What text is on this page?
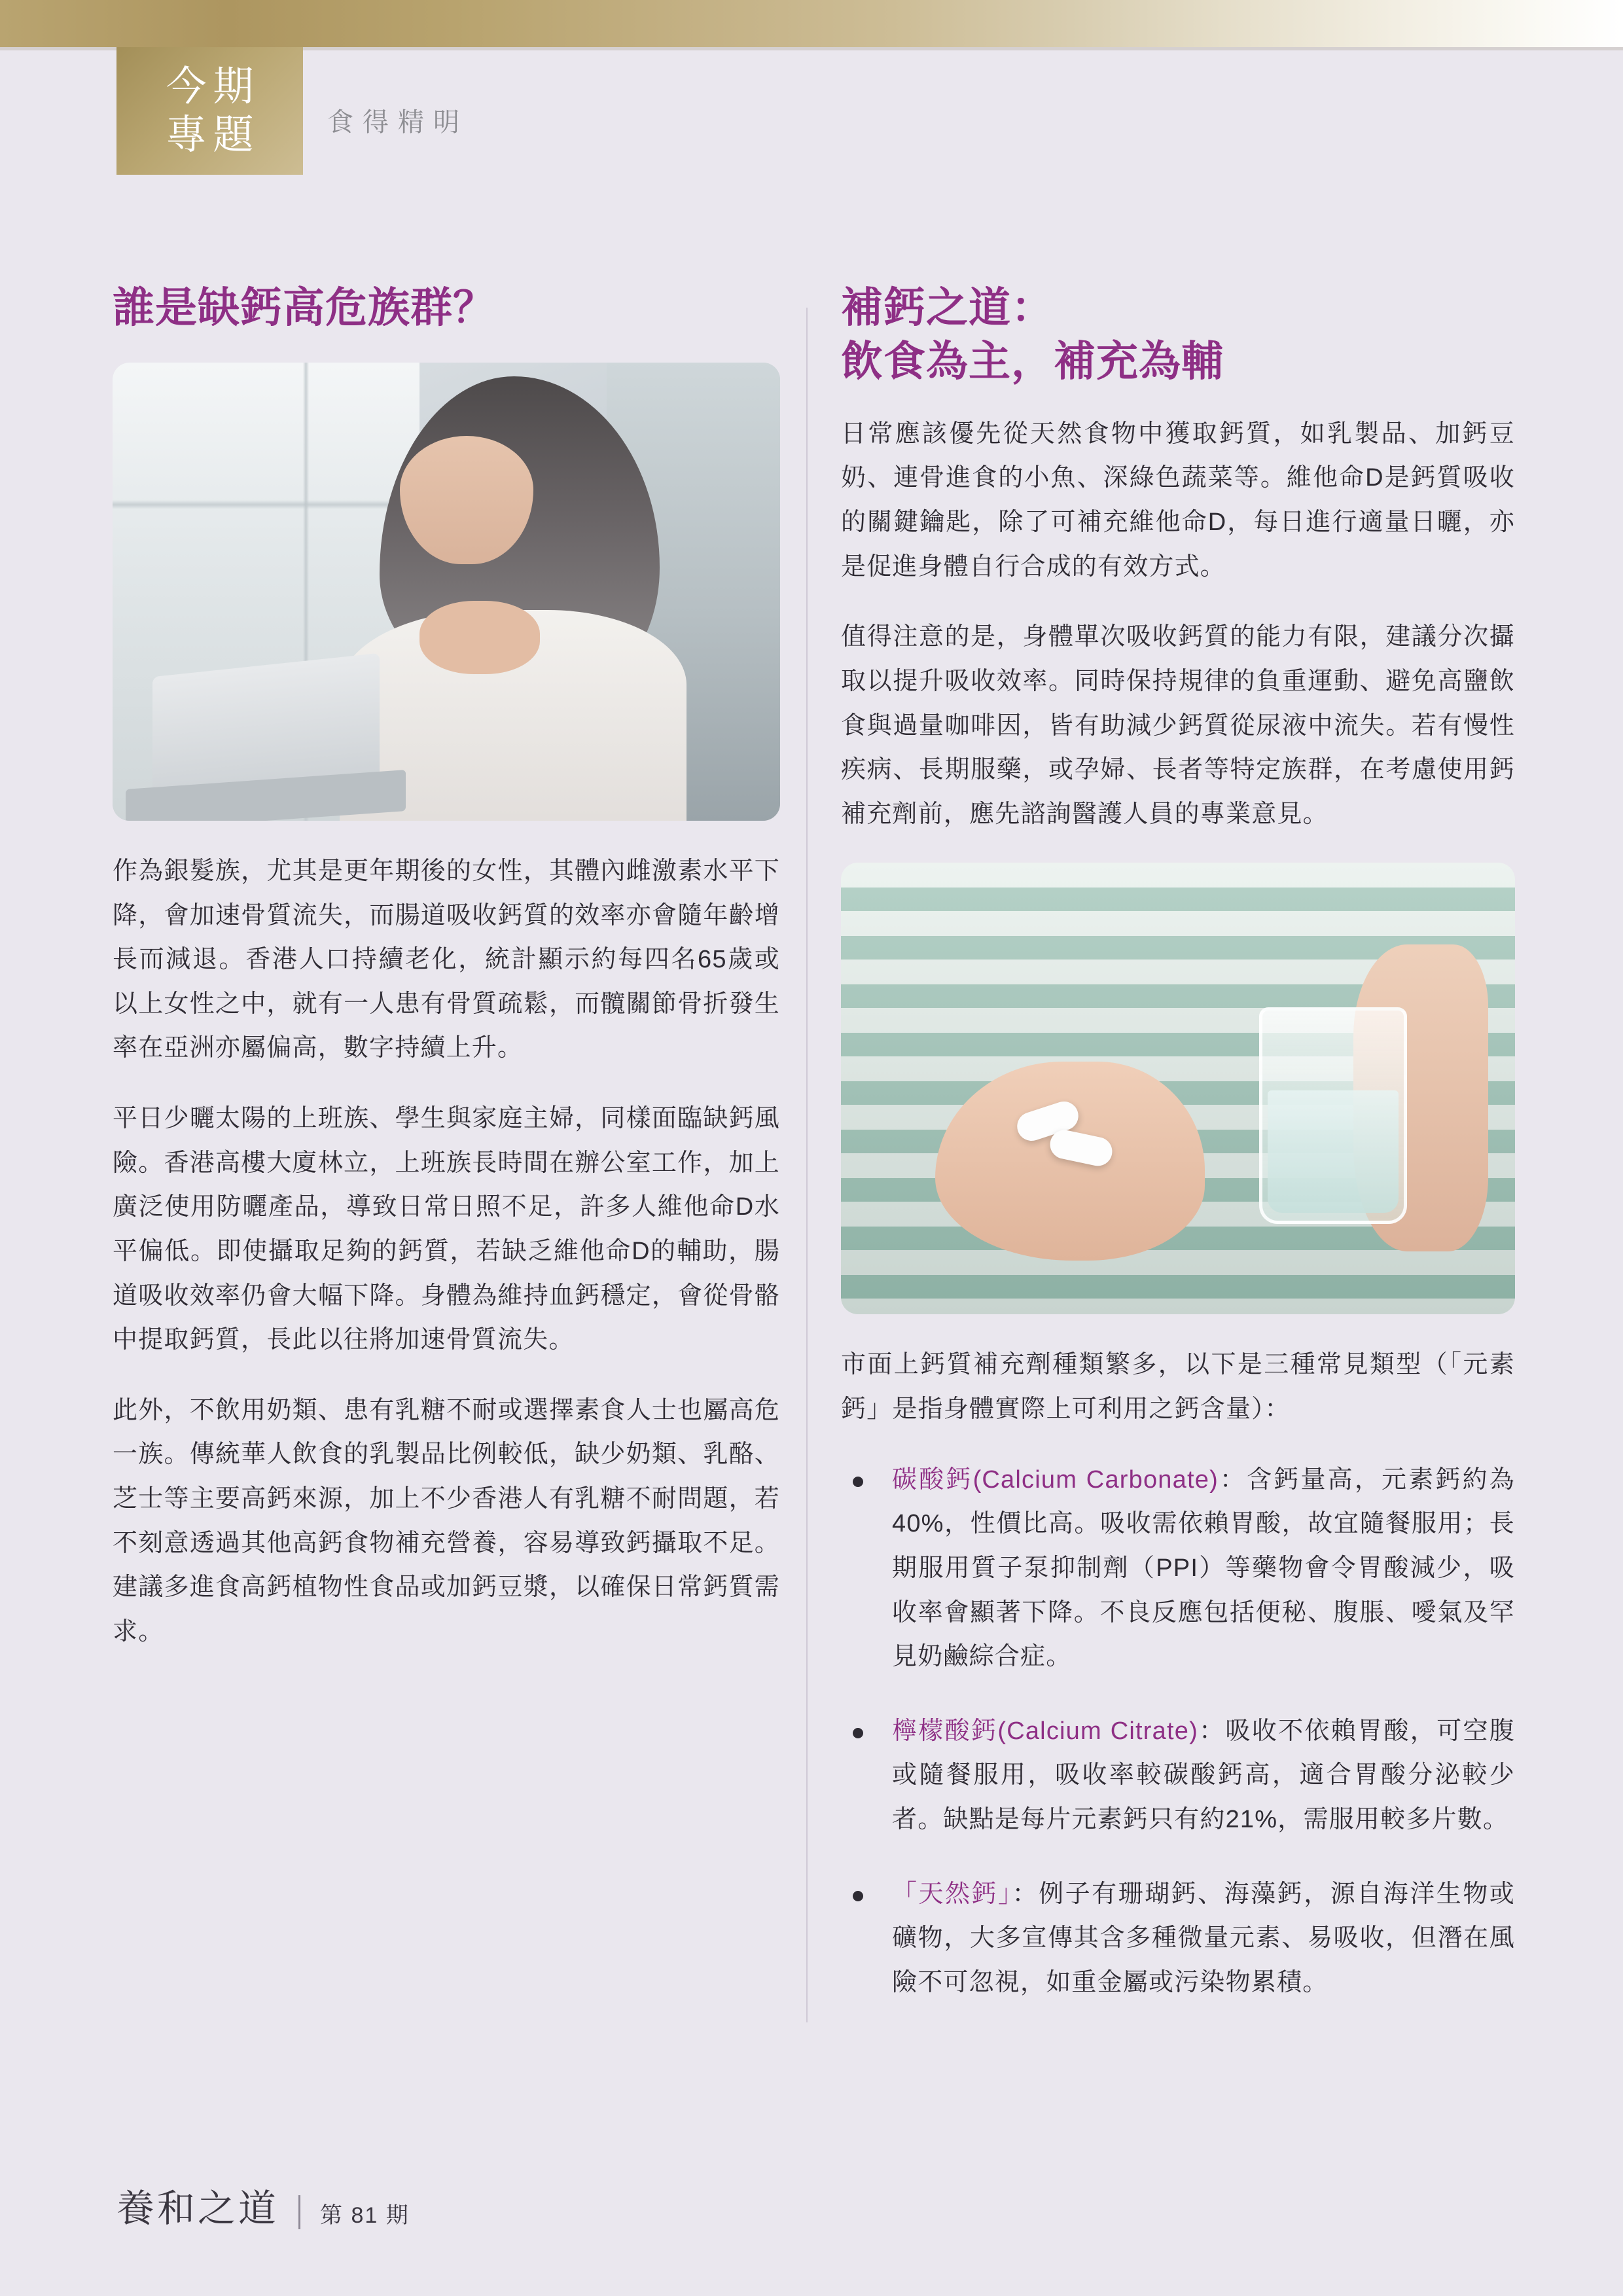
今期
專題	食得精明
誰是缺鈣高危族群？

作為銀髮族，尤其是更年期後的女性，其體內雌激素水平下降，會加速骨質流失，而腸道吸收鈣質的效率亦會隨年齡增長而減退。香港人口持續老化，統計顯示約每四名65歲或以上女性之中，就有一人患有骨質疏鬆，而髖關節骨折發生率在亞洲亦屬偏高，數字持續上升。

平日少曬太陽的上班族、學生與家庭主婦，同樣面臨缺鈣風險。香港高樓大廈林立，上班族長時間在辦公室工作，加上廣泛使用防曬產品，導致日常日照不足，許多人維他命D水平偏低。即使攝取足夠的鈣質，若缺乏維他命D的輔助，腸道吸收效率仍會大幅下降。身體為維持血鈣穩定，會從骨骼中提取鈣質，長此以往將加速骨質流失。

此外，不飲用奶類、患有乳糖不耐或選擇素食人士也屬高危一族。傳統華人飲食的乳製品比例較低，缺少奶類、乳酪、芝士等主要高鈣來源，加上不少香港人有乳糖不耐問題，若不刻意透過其他高鈣食物補充營養，容易導致鈣攝取不足。建議多進食高鈣植物性食品或加鈣豆漿，以確保日常鈣質需求。

補鈣之道：
飲食為主，補充為輔

日常應該優先從天然食物中獲取鈣質，如乳製品、加鈣豆奶、連骨進食的小魚、深綠色蔬菜等。維他命D是鈣質吸收的關鍵鑰匙，除了可補充維他命D，每日進行適量日曬，亦是促進身體自行合成的有效方式。

值得注意的是，身體單次吸收鈣質的能力有限，建議分次攝取以提升吸收效率。同時保持規律的負重運動、避免高鹽飲食與過量咖啡因，皆有助減少鈣質從尿液中流失。若有慢性疾病、長期服藥，或孕婦、長者等特定族群，在考慮使用鈣補充劑前，應先諮詢醫護人員的專業意見。

市面上鈣質補充劑種類繁多，以下是三種常見類型（「元素鈣」是指身體實際上可利用之鈣含量）：

碳酸鈣(Calcium Carbonate)：含鈣量高，元素鈣約為40%，性價比高。吸收需依賴胃酸，故宜隨餐服用；長期服用質子泵抑制劑（PPI）等藥物會令胃酸減少，吸收率會顯著下降。不良反應包括便秘、腹脹、噯氣及罕見奶鹼綜合症。
檸檬酸鈣(Calcium Citrate)：吸收不依賴胃酸，可空腹或隨餐服用，吸收率較碳酸鈣高，適合胃酸分泌較少者。缺點是每片元素鈣只有約21%，需服用較多片數。
「天然鈣」：例子有珊瑚鈣、海藻鈣，源自海洋生物或礦物，大多宣傳其含多種微量元素、易吸收，但潛在風險不可忽視，如重金屬或污染物累積。
養和之道 第 81 期
